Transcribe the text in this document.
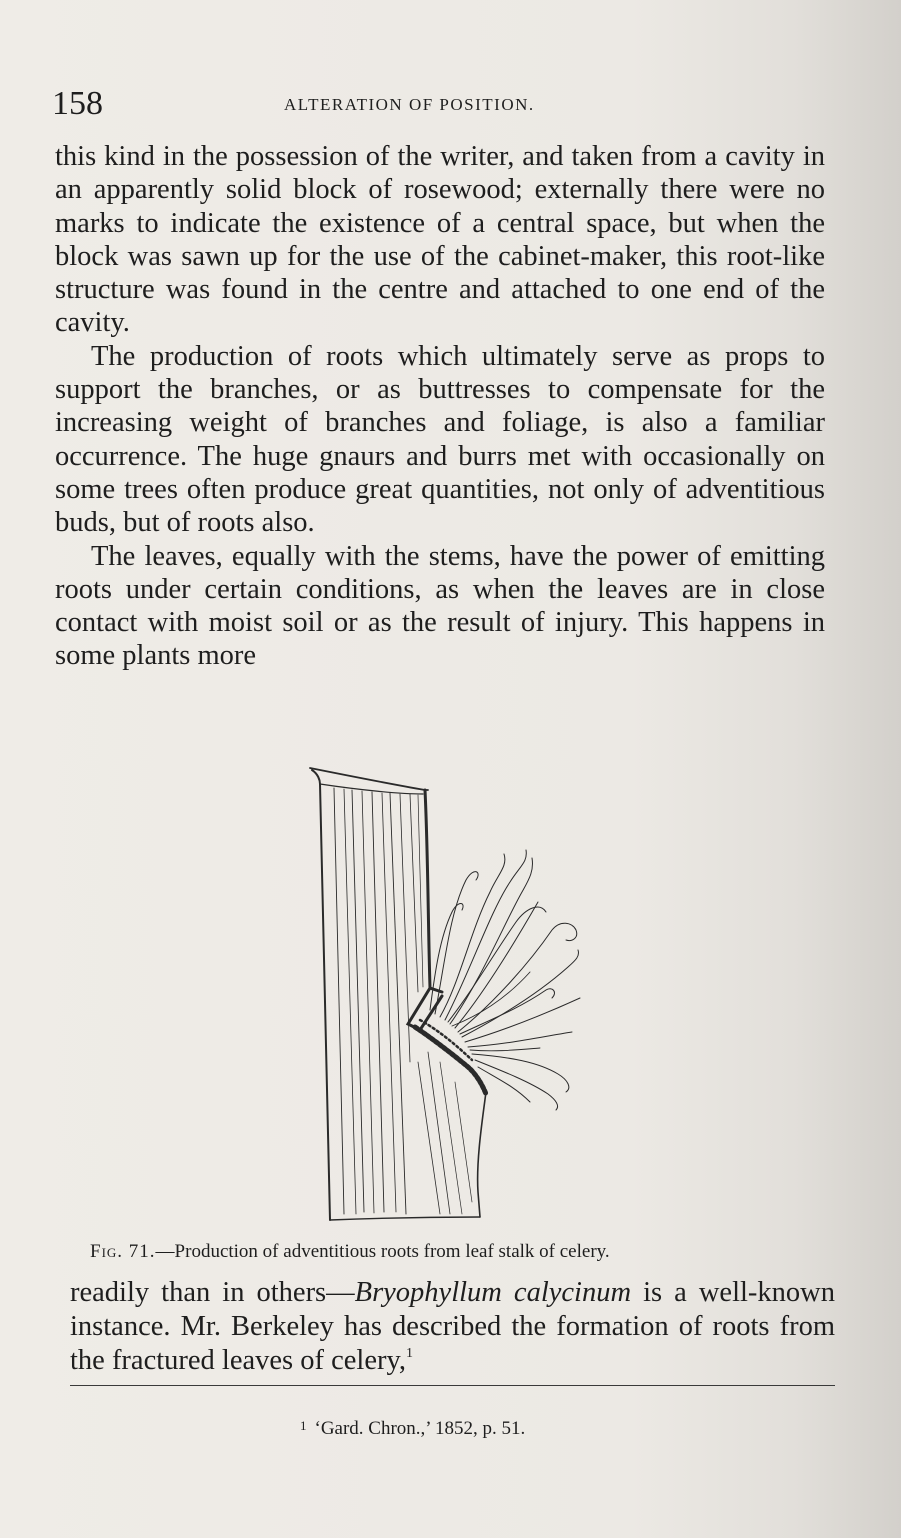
158	ALTERATION OF POSITION.

this kind in the possession of the writer, and taken from a cavity in an apparently solid block of rosewood; externally there were no marks to indicate the existence of a central space, but when the block was sawn up for the use of the cabinet-maker, this root-like structure was found in the centre and attached to one end of the cavity.

The production of roots which ultimately serve as props to support the branches, or as buttresses to compensate for the increasing weight of branches and foliage, is also a familiar occurrence. The huge gnaurs and burrs met with occasionally on some trees often produce great quantities, not only of adventitious buds, but of roots also.

The leaves, equally with the stems, have the power of emitting roots under certain conditions, as when the leaves are in close contact with moist soil or as the result of injury. This happens in some plants more

Fig. 71.—Production of adventitious roots from leaf stalk of celery.

readily than in others—Bryophyllum calycinum is a well-known instance. Mr. Berkeley has described the formation of roots from the fractured leaves of celery,$^1$

$^1$ ‘Gard. Chron.,’ 1852, p. 51.
